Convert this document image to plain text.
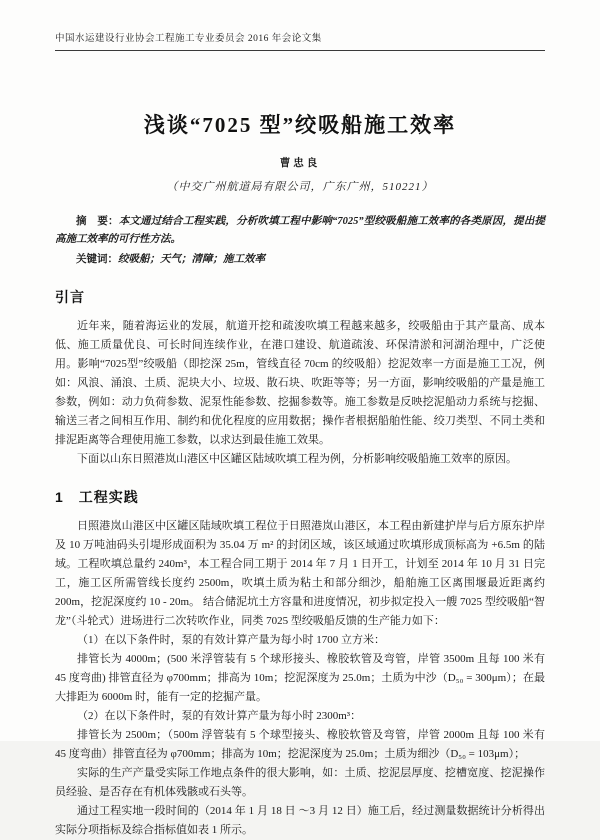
中国水运建设行业协会工程施工专业委员会 2016 年会论文集
浅谈“7025 型”绞吸船施工效率
曹忠良
（中交广州航道局有限公司，广东广州，510221）
摘　要：本文通过结合工程实践，分析吹填工程中影响“7025”型绞吸船施工效率的各类原因，提出提高施工效率的可行性方法。
关键词：绞吸船；天气；清障；施工效率
引言

近年来，随着海运业的发展，航道开挖和疏浚吹填工程越来越多，绞吸船由于其产量高、成本低、施工质量优良、可长时间连续作业，在港口建设、航道疏浚、环保清淤和河湖治理中，广泛使用。影响“7025型”绞吸船（即挖深 25m，管线直径 70cm 的绞吸船）挖泥效率一方面是施工工况，例如：风浪、涌浪、土质、泥块大小、垃圾、散石块、吹距等等；另一方面，影响绞吸船的产量是施工参数，例如：动力负荷参数、泥泵性能参数、挖掘参数等。施工参数是反映挖泥船动力系统与挖掘、输送三者之间相互作用、制约和优化程度的应用数据；操作者根据船舶性能、绞刀类型、不同土类和排泥距离等合理使用施工参数，以求达到最佳施工效果。

下面以山东日照港岚山港区中区罐区陆域吹填工程为例，分析影响绞吸船施工效率的原因。

1　工程实践

日照港岚山港区中区罐区陆域吹填工程位于日照港岚山港区，本工程由新建护岸与后方原东护岸及 10 万吨油码头引堤形成面积为 35.04 万 m² 的封闭区域，该区域通过吹填形成顶标高为 +6.5m 的陆域。工程吹填总量约 240m³，本工程合同工期于 2014 年 7 月 1 日开工，计划至 2014 年 10 月 31 日完工，施工区所需管线长度约 2500m，吹填土质为粘土和部分细沙，船舶施工区离围堰最近距离约 200m，挖泥深度约 10 - 20m。 结合储泥坑土方容量和进度情况，初步拟定投入一艘 7025 型绞吸船“智龙”（斗轮式）进场进行二次转吹作业，同类 7025 型绞吸船反馈的生产能力如下：

（1）在以下条件时，泵的有效计算产量为每小时 1700 立方米：

排管长为 4000m；(500 米浮管装有 5 个球形接头、橡胶软管及弯管，岸管 3500m 且每 100 米有 45 度弯曲) 排管直径为 φ700mm；排高为 10m；挖泥深度为 25.0m；土质为中沙（D₅₀ = 300μm）；在最大排距为 6000m 时，能有一定的挖掘产量。

（2）在以下条件时，泵的有效计算产量为每小时 2300m³：

排管长为 2500m；（500m 浮管装有 5 个球型接头、橡胶软管及弯管，岸管 2000m 且每 100 米有 45 度弯曲）排管直径为 φ700mm；排高为 10m；挖泥深度为 25.0m；土质为细沙（D₅₀ = 103μm）；

实际的生产产量受实际工作地点条件的很大影响，如：土质、挖泥层厚度、挖槽宽度、挖泥操作员经验、是否存在有机体残骸或石头等。

通过工程实地一段时间的（2014 年 1 月 18 日 ～3 月 12 日）施工后，经过测量数据统计分析得出实际分项指标及综合指标值如表 1 所示。
